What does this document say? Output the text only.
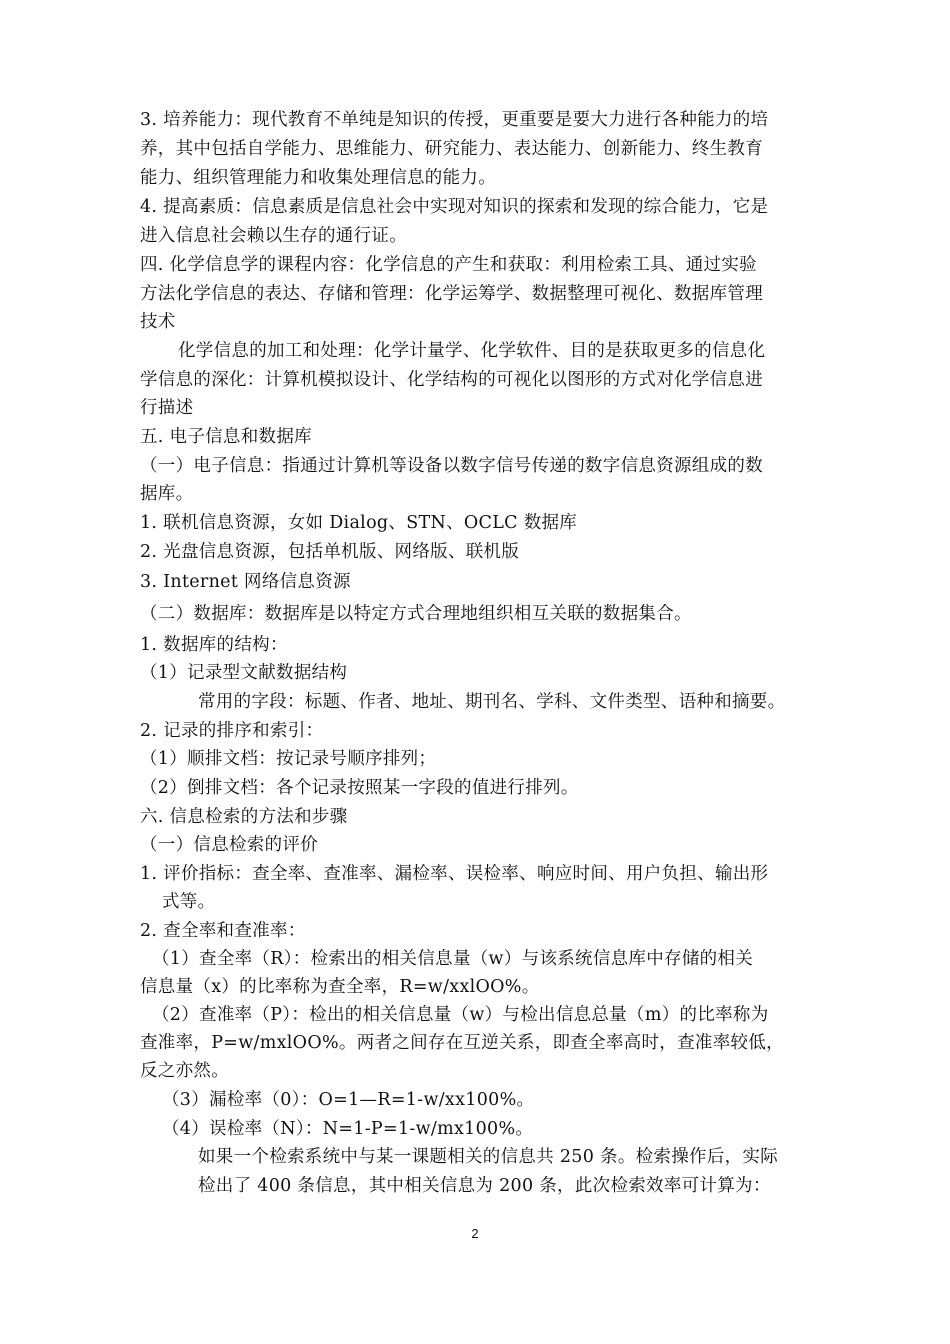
3. 培养能力：现代教育不单纯是知识的传授，更重要是要大力进行各种能力的培
养，其中包括自学能力、思维能力、研究能力、表达能力、创新能力、终生教育
能力、组织管理能力和收集处理信息的能力。
4. 提高素质：信息素质是信息社会中实现对知识的探索和发现的综合能力，它是
进入信息社会赖以生存的通行证。
四. 化学信息学的课程内容：化学信息的产生和获取：利用检索工具、通过实验
方法化学信息的表达、存储和管理：化学运筹学、数据整理可视化、数据库管理
技术
化学信息的加工和处理：化学计量学、化学软件、目的是获取更多的信息化
学信息的深化：计算机模拟设计、化学结构的可视化以图形的方式对化学信息进
行描述
五. 电子信息和数据库
（一）电子信息：指通过计算机等设备以数字信号传递的数字信息资源组成的数
据库。
1. 联机信息资源，女如 Dialog、STN、OCLC 数据库
2. 光盘信息资源，包括单机版、网络版、联机版
3. Internet 网络信息资源
（二）数据库：数据库是以特定方式合理地组织相互关联的数据集合。
1. 数据库的结构：
（1）记录型文献数据结构
常用的字段：标题、作者、地址、期刊名、学科、文件类型、语种和摘要。
2. 记录的排序和索引：
（1）顺排文档：按记录号顺序排列；
（2）倒排文档：各个记录按照某一字段的值进行排列。
六. 信息检索的方法和步骤
（一）信息检索的评价
1. 评价指标：查全率、查准率、漏检率、误检率、响应时间、用户负担、输出形
式等。
2. 查全率和查准率：
（1）查全率（R）：检索出的相关信息量（w）与该系统信息库中存储的相关
信息量（x）的比率称为查全率，R=w/xxlOO%。
（2）查准率（P）：检出的相关信息量（w）与检出信息总量（m）的比率称为
查准率，P=w/mxlOO%。两者之间存在互逆关系，即查全率高时，查准率较低，
反之亦然。
（3）漏检率（0）：O=1—R=1-w/xx100%。
（4）误检率（N）：N=1-P=1-w/mx100%。
如果一个检索系统中与某一课题相关的信息共 250 条。检索操作后，实际
检出了 400 条信息，其中相关信息为 200 条，此次检索效率可计算为：
2
